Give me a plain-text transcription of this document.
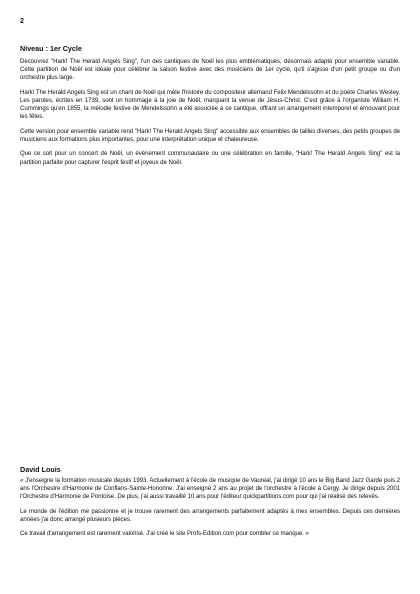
2
Niveau : 1er Cycle

Decouvrez "Hark! The Herald Angels Sing", l'un des cantiques de Noël les plus emblématiques, désormais adapté pour ensemble variable. Cette partition de Noël est idéale pour célébrer la saison festive avec des musiciens de 1er cycle, qu'il s'agisse d'un petit groupe ou d'un orchestre plus large.

Hark! The Herald Angels Sing est un chant de Noël qui mêle l'histoire du compositeur allemand Felix Mendelssohn et du poète Charles Wesley. Les paroles, écrites en 1739, sont un hommage à la joie de Noël, marquant la venue de Jésus-Christ. C'est grâce à l'organiste William H. Cummings qu'en 1855, la mélodie festive de Mendelssohn a été associée à ce cantique, offrant un arrangement intemporel et émouvant pour les fêtes.

Cette version pour ensemble variable rend "Hark! The Herald Angels Sing" accessible aux ensembles de tailles diverses, des petits groupes de musiciens aux formations plus importantes, pour une interprétation unique et chaleureuse.

Que ce soit pour un concert de Noël, un événement communautaire ou une célébration en famille, "Hark! The Herald Angels Sing" est la partition parfaite pour capturer l'esprit festif et joyeux de Noël.

David Louis

« J'enseigne la formation musicale depuis 1993. Actuellement à l'école de musique de Vaureal, j'ai dirigé 10 ans le Big Band Jazz Garde puis 2 ans l'Orchestre d'Harmonie de Conflans-Sainte-Honorine. J'ai enseigné 2 ans au projet de l'orchestre à l'école à Cergy. Je dirige depuis 2001 l'Orchestre d'Harmonie de Pontoise. De plus, j'ai aussi travaillé 10 ans pour l'éditeur quickpartitions.com pour qui j'ai réalisé des relevés.

Le monde de l'édition me passionne et je trouve rarement des arrangements parfaitement adaptés à mes ensembles. Depuis ces dernières années j'ai donc arrangé plusieurs pièces.

Ce travail d'arrangement est rarement valorisé. J'ai créé le site Profs-Edition.com pour combler ce manque. »
